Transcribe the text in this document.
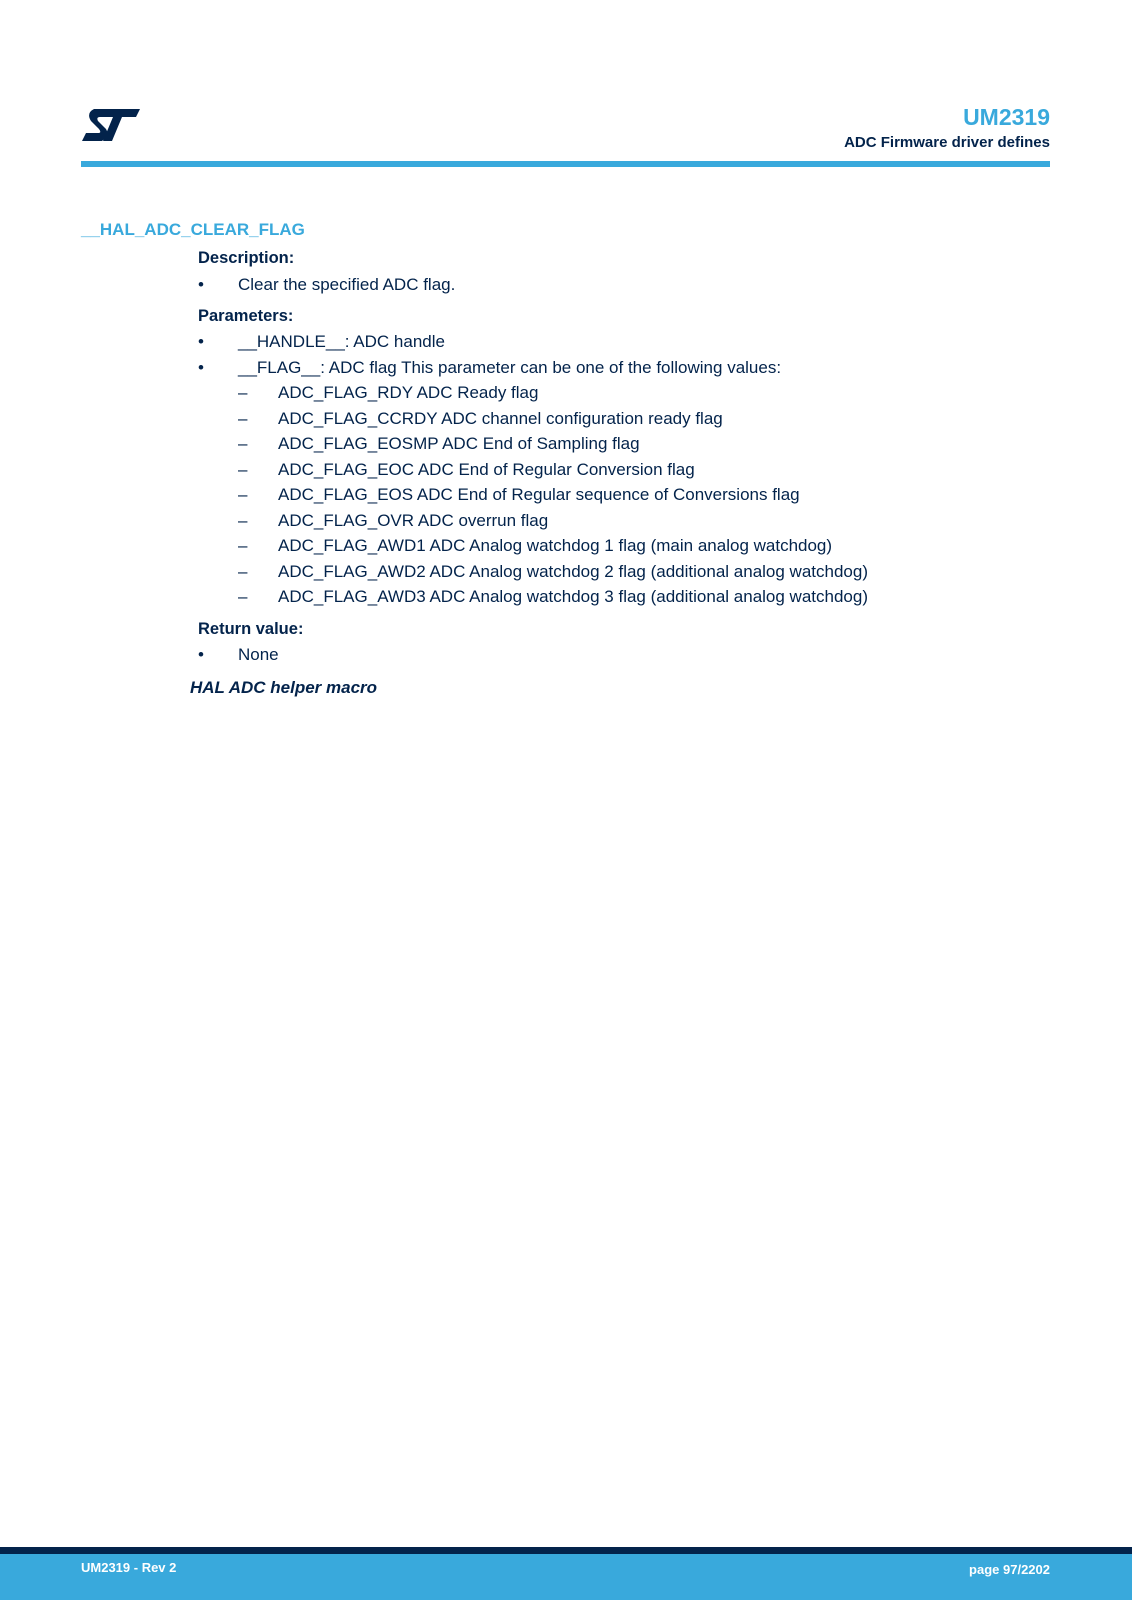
UM2319
ADC Firmware driver defines
__HAL_ADC_CLEAR_FLAG
Description:
• Clear the specified ADC flag.
Parameters:
• __HANDLE__: ADC handle
• __FLAG__: ADC flag This parameter can be one of the following values:
– ADC_FLAG_RDY ADC Ready flag
– ADC_FLAG_CCRDY ADC channel configuration ready flag
– ADC_FLAG_EOSMP ADC End of Sampling flag
– ADC_FLAG_EOC ADC End of Regular Conversion flag
– ADC_FLAG_EOS ADC End of Regular sequence of Conversions flag
– ADC_FLAG_OVR ADC overrun flag
– ADC_FLAG_AWD1 ADC Analog watchdog 1 flag (main analog watchdog)
– ADC_FLAG_AWD2 ADC Analog watchdog 2 flag (additional analog watchdog)
– ADC_FLAG_AWD3 ADC Analog watchdog 3 flag (additional analog watchdog)
Return value:
• None
HAL ADC helper macro
UM2319 - Rev 2	page 97/2202
